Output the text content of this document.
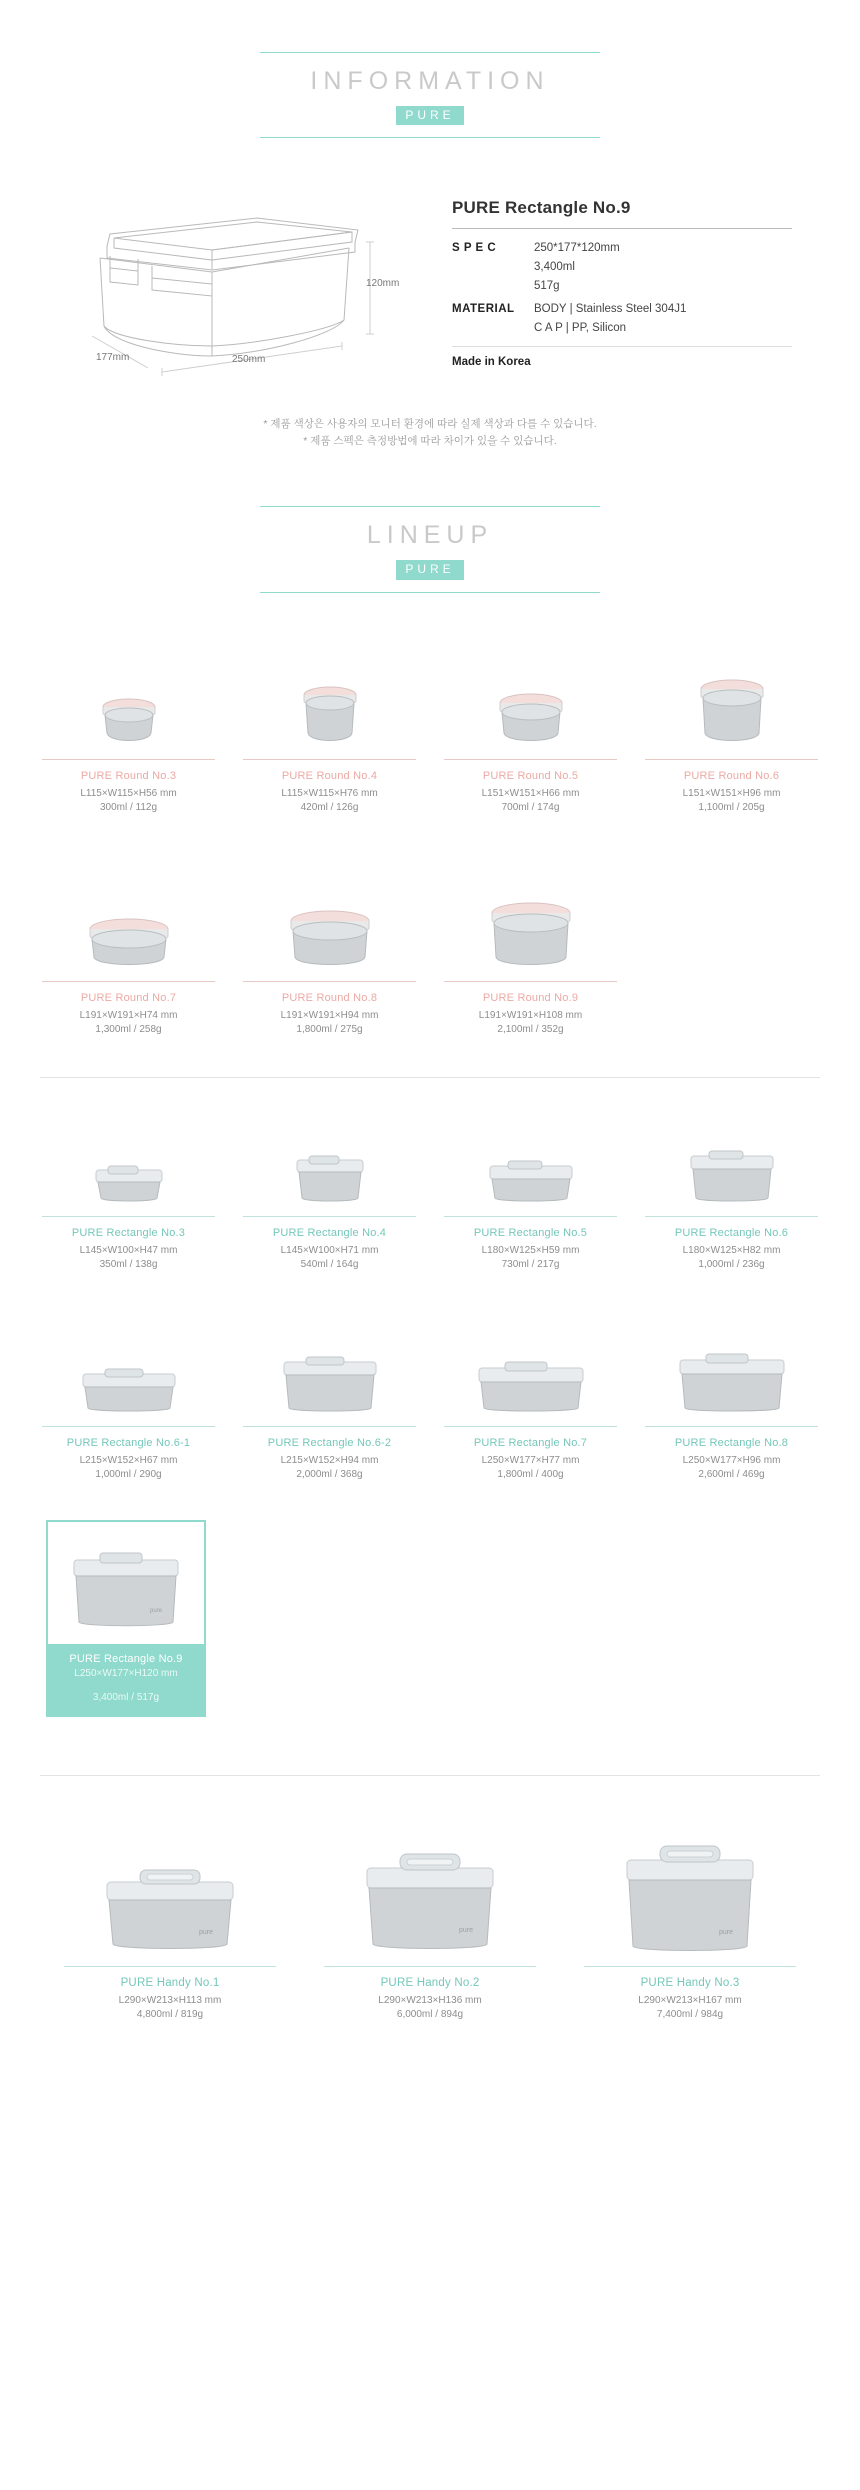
INFORMATION
PURE
120mm
177mm	250mm
PURE Rectangle No.9
S P E C	250*177*120mm
3,400ml
517g
MATERIAL	BODY | Stainless Steel 304J1
C A P | PP, Silicon
Made in Korea
* 제품 색상은 사용자의 모니터 환경에 따라 실제 색상과 다를 수 있습니다.
* 제품 스펙은 측정방법에 따라 차이가 있을 수 있습니다.
LINEUP
PURE
PURE Round No.3
L115×W115×H56 mm
300ml / 112g
PURE Round No.4
L115×W115×H76 mm
420ml / 126g
PURE Round No.5
L151×W151×H66 mm
700ml / 174g
PURE Round No.6
L151×W151×H96 mm
1,100ml / 205g
PURE Round No.7
L191×W191×H74 mm
1,300ml / 258g
PURE Round No.8
L191×W191×H94 mm
1,800ml / 275g
PURE Round No.9
L191×W191×H108 mm
2,100ml / 352g
PURE Rectangle No.3
L145×W100×H47 mm
350ml / 138g
PURE Rectangle No.4
L145×W100×H71 mm
540ml / 164g
PURE Rectangle No.5
L180×W125×H59 mm
730ml / 217g
PURE Rectangle No.6
L180×W125×H82 mm
1,000ml / 236g
PURE Rectangle No.6-1
L215×W152×H67 mm
1,000ml / 290g
PURE Rectangle No.6-2
L215×W152×H94 mm
2,000ml / 368g
PURE Rectangle No.7
L250×W177×H77 mm
1,800ml / 400g
PURE Rectangle No.8
L250×W177×H96 mm
2,600ml / 469g
pure
PURE Rectangle No.9
L250×W177×H120 mm
3,400ml / 517g
pure
PURE Handy No.1
L290×W213×H113 mm
4,800ml / 819g
pure
PURE Handy No.2
L290×W213×H136 mm
6,000ml / 894g
pure
PURE Handy No.3
L290×W213×H167 mm
7,400ml / 984g
